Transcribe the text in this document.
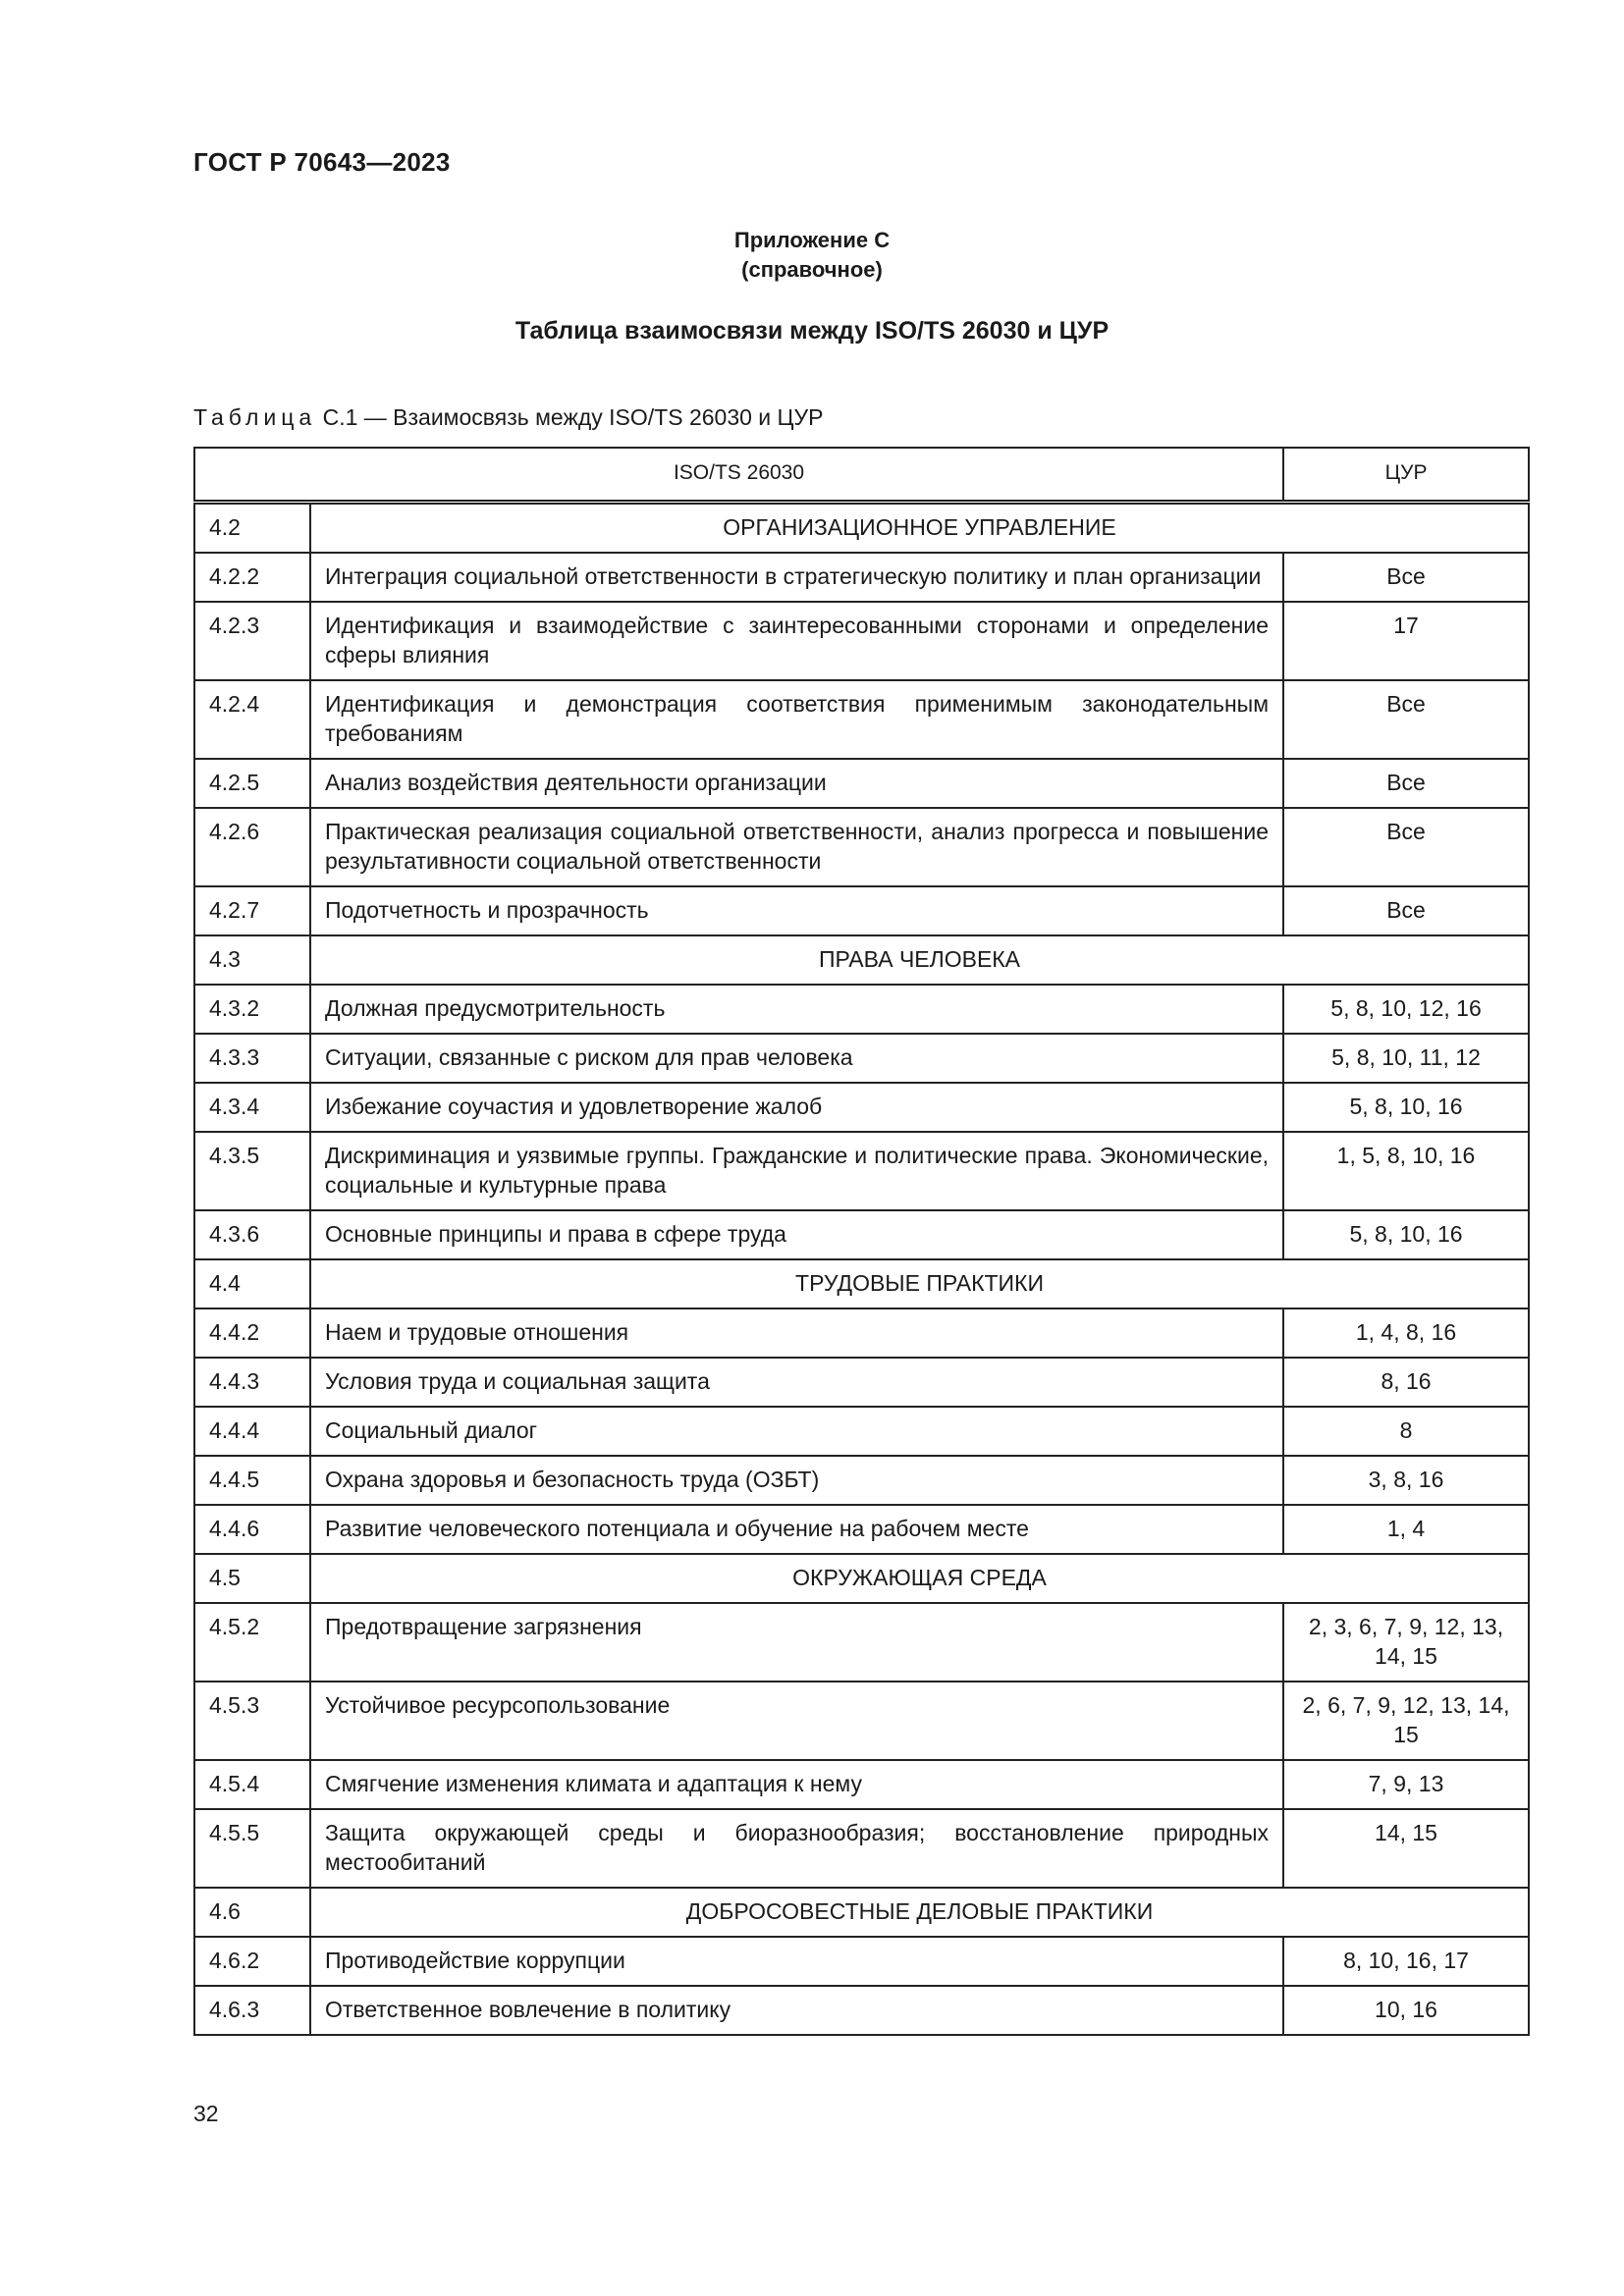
ГОСТ Р 70643—2023
Приложение С
(справочное)
Таблица взаимосвязи между ISO/TS 26030 и ЦУР
Таблица С.1 — Взаимосвязь между ISO/TS 26030 и ЦУР
ISO/TS 26030		ЦУР
4.2	ОРГАНИЗАЦИОННОЕ УПРАВЛЕНИЕ	
4.2.2	Интеграция социальной ответственности в стратегическую политику и план организации	Все
4.2.3	Идентификация и взаимодействие с заинтересованными сторонами и определение сферы влияния	17
4.2.4	Идентификация и демонстрация соответствия применимым законодательным требованиям	Все
4.2.5	Анализ воздействия деятельности организации	Все
4.2.6	Практическая реализация социальной ответственности, анализ прогресса и повышение результативности социальной ответственности	Все
4.2.7	Подотчетность и прозрачность	Все
4.3	ПРАВА ЧЕЛОВЕКА	
4.3.2	Должная предусмотрительность	5, 8, 10, 12, 16
4.3.3	Ситуации, связанные с риском для прав человека	5, 8, 10, 11, 12
4.3.4	Избежание соучастия и удовлетворение жалоб	5, 8, 10, 16
4.3.5	Дискриминация и уязвимые группы. Гражданские и политические права. Экономические, социальные и культурные права	1, 5, 8, 10, 16
4.3.6	Основные принципы и права в сфере труда	5, 8, 10, 16
4.4	ТРУДОВЫЕ ПРАКТИКИ	
4.4.2	Наем и трудовые отношения	1, 4, 8, 16
4.4.3	Условия труда и социальная защита	8, 16
4.4.4	Социальный диалог	8
4.4.5	Охрана здоровья и безопасность труда (ОЗБТ)	3, 8, 16
4.4.6	Развитие человеческого потенциала и обучение на рабочем месте	1, 4
4.5	ОКРУЖАЮЩАЯ СРЕДА	
4.5.2	Предотвращение загрязнения	2, 3, 6, 7, 9, 12, 13, 14, 15
4.5.3	Устойчивое ресурсопользование	2, 6, 7, 9, 12, 13, 14, 15
4.5.4	Смягчение изменения климата и адаптация к нему	7, 9, 13
4.5.5	Защита окружающей среды и биоразнообразия; восстановление природных местообитаний	14, 15
4.6	ДОБРОСОВЕСТНЫЕ ДЕЛОВЫЕ ПРАКТИКИ	
4.6.2	Противодействие коррупции	8, 10, 16, 17
4.6.3	Ответственное вовлечение в политику	10, 16
32
